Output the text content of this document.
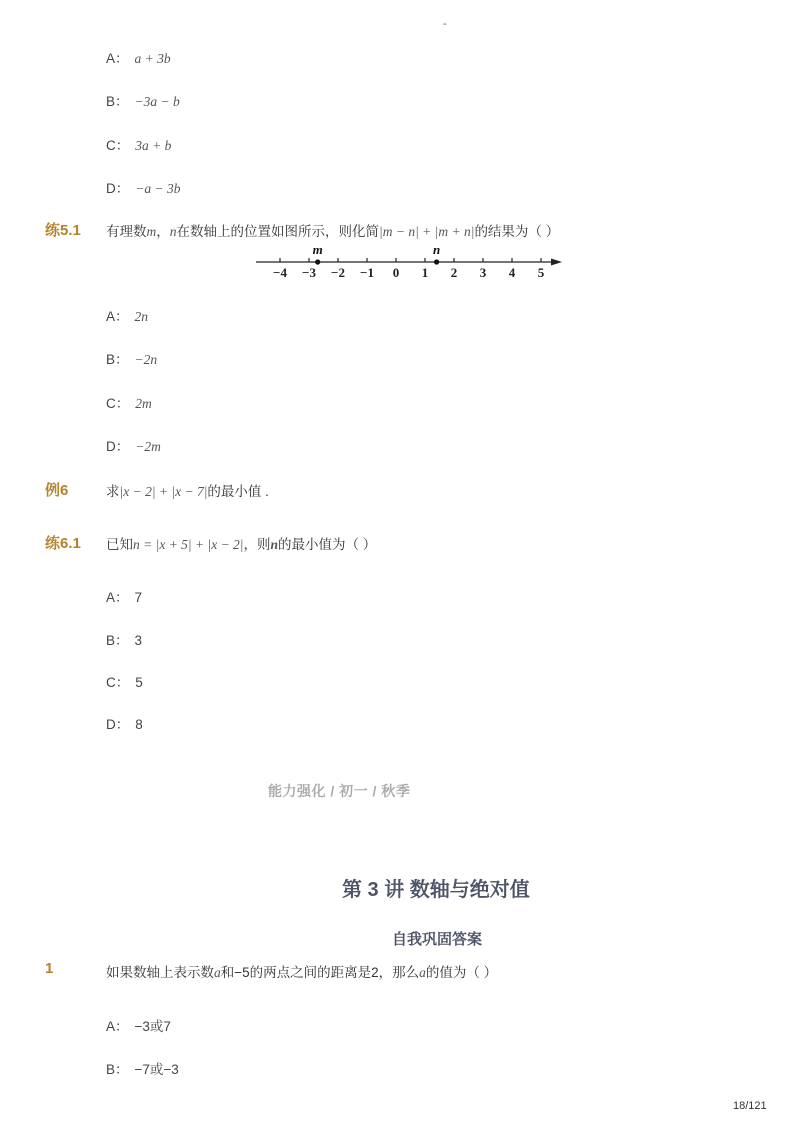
-
A： a + 3b
B： −3a − b
C： 3a + b
D： −a − 3b
练5.1 有理数m，n在数轴上的位置如图所示，则化简|m − n| + |m + n|的结果为（ ）
−4 −3 −2 −1 0 1 2 3 4 5
m	n
A： 2n
B： −2n
C： 2m
D： −2m
例6	求|x − 2| + |x − 7|的最小值 .
练6.1 已知n = |x + 5| + |x − 2|，则n的最小值为（ ）
A： 7
B： 3
C： 5
D： 8
能力强化 / 初一 / 秋季
第 3 讲 数轴与绝对值
自我巩固答案
1	如果数轴上表示数a和−5的两点之间的距离是2，那么a的值为（ ）
A： −3或7
B： −7或−3
18/121
